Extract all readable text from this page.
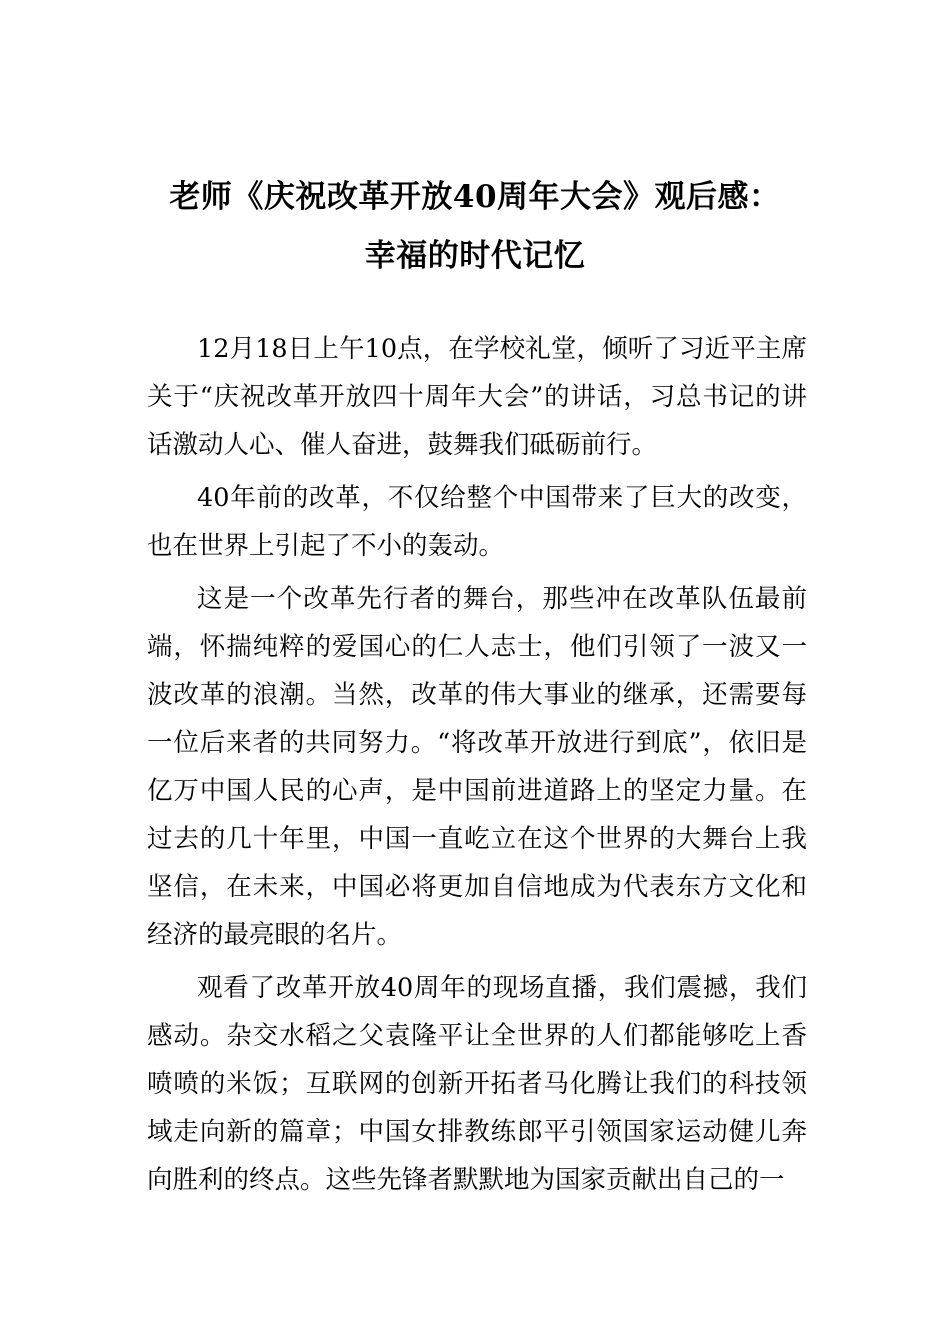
老师《庆祝改革开放40周年大会》观后感：
幸福的时代记忆

12月18日上午10点，在学校礼堂，倾听了习近平主席关于“庆祝改革开放四十周年大会”的讲话，习总书记的讲话激动人心、催人奋进，鼓舞我们砥砺前行。

40年前的改革，不仅给整个中国带来了巨大的改变，也在世界上引起了不小的轰动。

这是一个改革先行者的舞台，那些冲在改革队伍最前端，怀揣纯粹的爱国心的仁人志士，他们引领了一波又一波改革的浪潮。当然，改革的伟大事业的继承，还需要每一位后来者的共同努力。“将改革开放进行到底”，依旧是亿万中国人民的心声，是中国前进道路上的坚定力量。在过去的几十年里，中国一直屹立在这个世界的大舞台上我坚信，在未来，中国必将更加自信地成为代表东方文化和经济的最亮眼的名片。

观看了改革开放40周年的现场直播，我们震撼，我们感动。杂交水稻之父袁隆平让全世界的人们都能够吃上香喷喷的米饭；互联网的创新开拓者马化腾让我们的科技领域走向新的篇章；中国女排教练郎平引领国家运动健儿奔向胜利的终点。这些先锋者默默地为国家贡献出自己的一
